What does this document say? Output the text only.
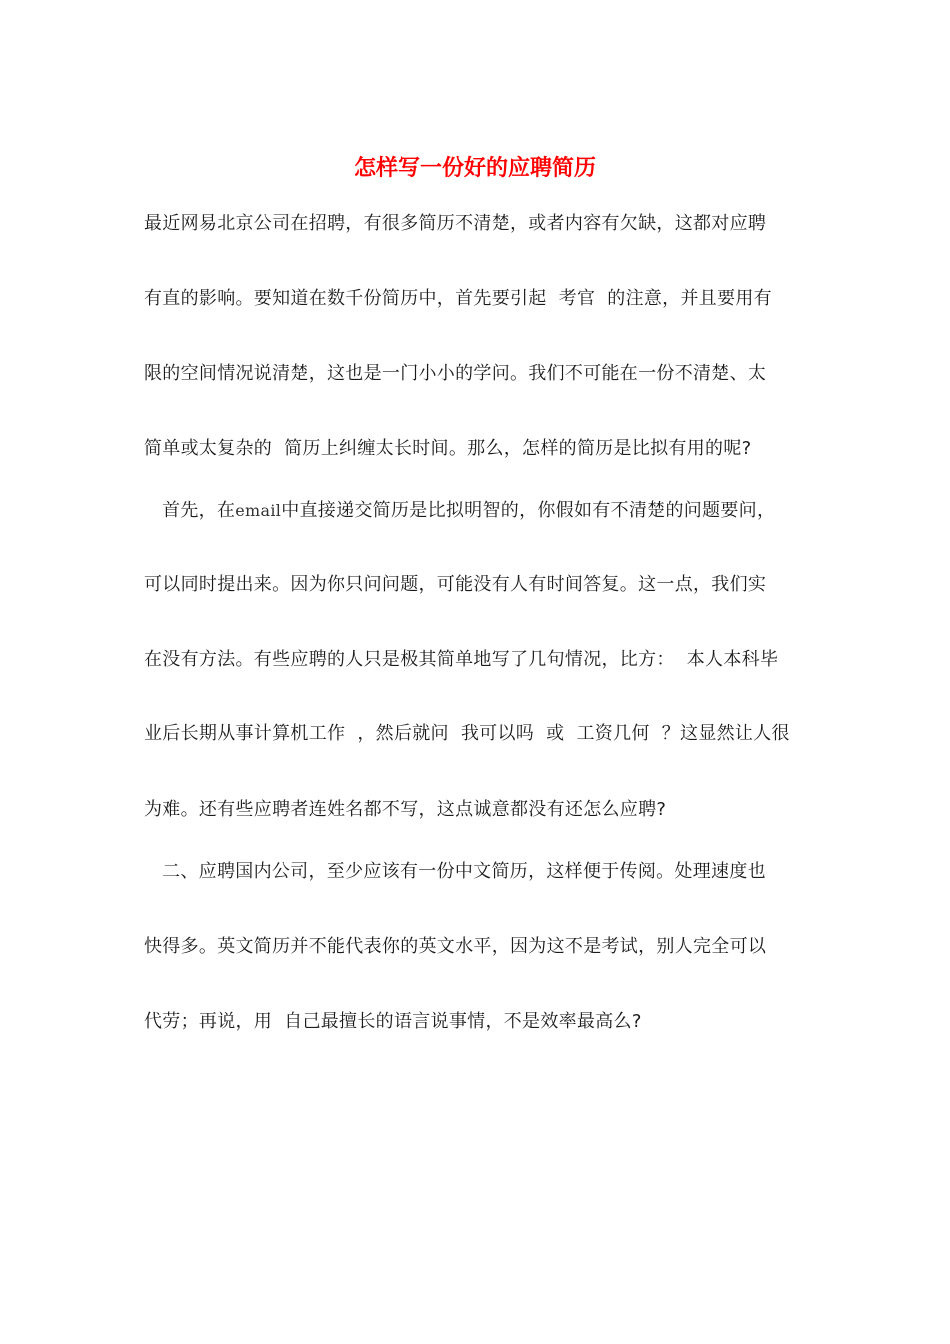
怎样写一份好的应聘简历
最近网易北京公司在招聘，有很多简历不清楚，或者内容有欠缺，这都对应聘
有直的影响。要知道在数千份简历中，首先要引起  考官  的注意，并且要用有
限的空间情况说清楚，这也是一门小小的学问。我们不可能在一份不清楚、太
简单或太复杂的  简历上纠缠太长时间。那么，怎样的简历是比拟有用的呢?
首先，在email中直接递交简历是比拟明智的，你假如有不清楚的问题要问，
可以同时提出来。因为你只问问题，可能没有人有时间答复。这一点，我们实
在没有方法。有些应聘的人只是极其简单地写了几句情况，比方：  本人本科毕
业后长期从事计算机工作  ，然后就问  我可以吗  或  工资几何  ？这显然让人很
为难。还有些应聘者连姓名都不写，这点诚意都没有还怎么应聘?
二、应聘国内公司，至少应该有一份中文简历，这样便于传阅。处理速度也
快得多。英文简历并不能代表你的英文水平，因为这不是考试，别人完全可以
代劳；再说，用  自己最擅长的语言说事情，不是效率最高么?
